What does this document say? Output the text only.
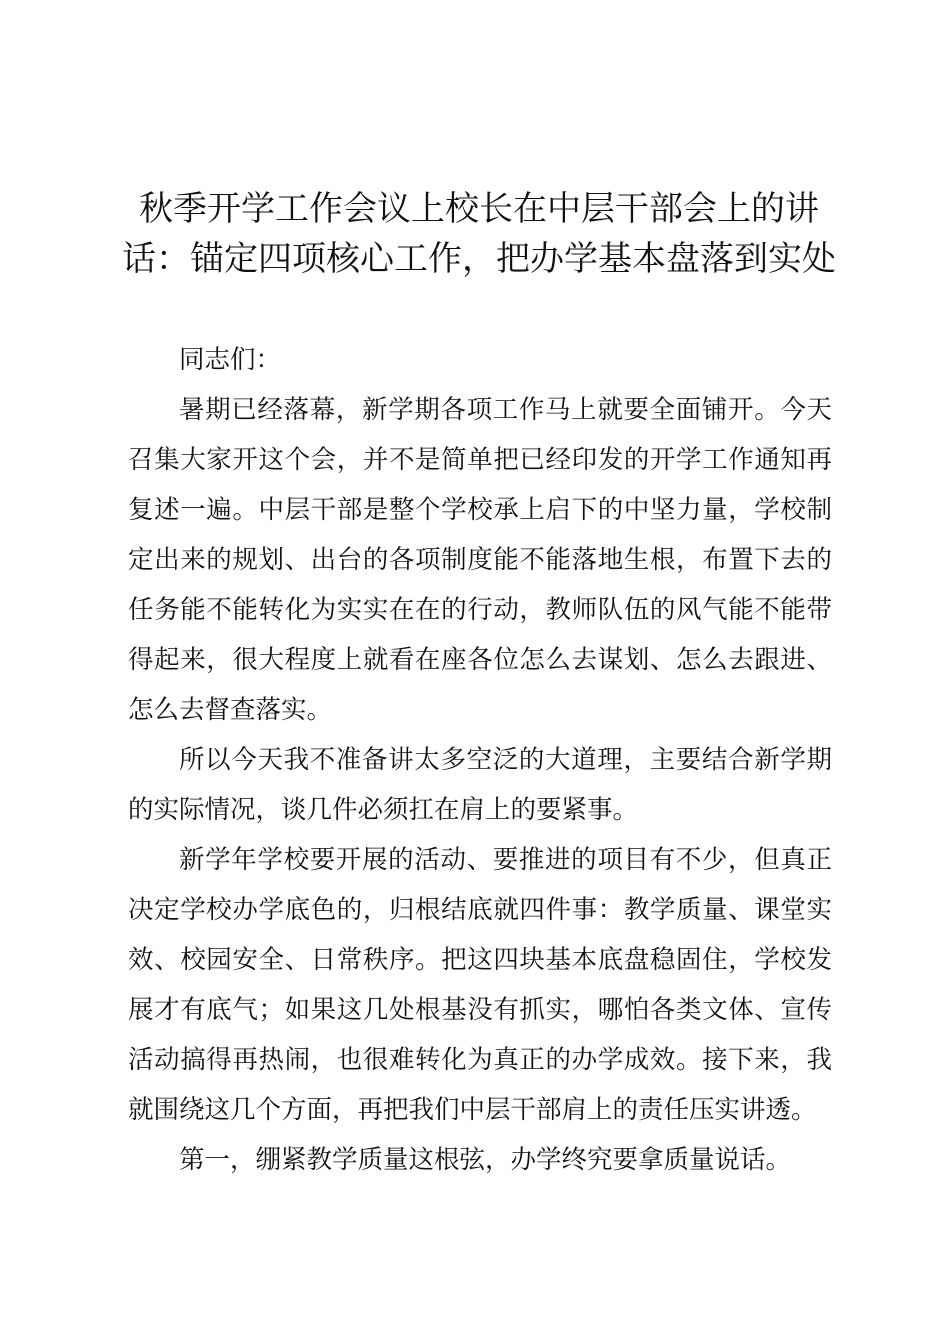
秋季开学工作会议上校长在中层干部会上的讲话：锚定四项核心工作，把办学基本盘落到实处

同志们：

暑期已经落幕，新学期各项工作马上就要全面铺开。今天召集大家开这个会，并不是简单把已经印发的开学工作通知再复述一遍。中层干部是整个学校承上启下的中坚力量，学校制定出来的规划、出台的各项制度能不能落地生根，布置下去的任务能不能转化为实实在在的行动，教师队伍的风气能不能带得起来，很大程度上就看在座各位怎么去谋划、怎么去跟进、怎么去督查落实。

所以今天我不准备讲太多空泛的大道理，主要结合新学期的实际情况，谈几件必须扛在肩上的要紧事。

新学年学校要开展的活动、要推进的项目有不少，但真正决定学校办学底色的，归根结底就四件事：教学质量、课堂实效、校园安全、日常秩序。把这四块基本底盘稳固住，学校发展才有底气；如果这几处根基没有抓实，哪怕各类文体、宣传活动搞得再热闹，也很难转化为真正的办学成效。接下来，我就围绕这几个方面，再把我们中层干部肩上的责任压实讲透。

第一，绷紧教学质量这根弦，办学终究要拿质量说话。
